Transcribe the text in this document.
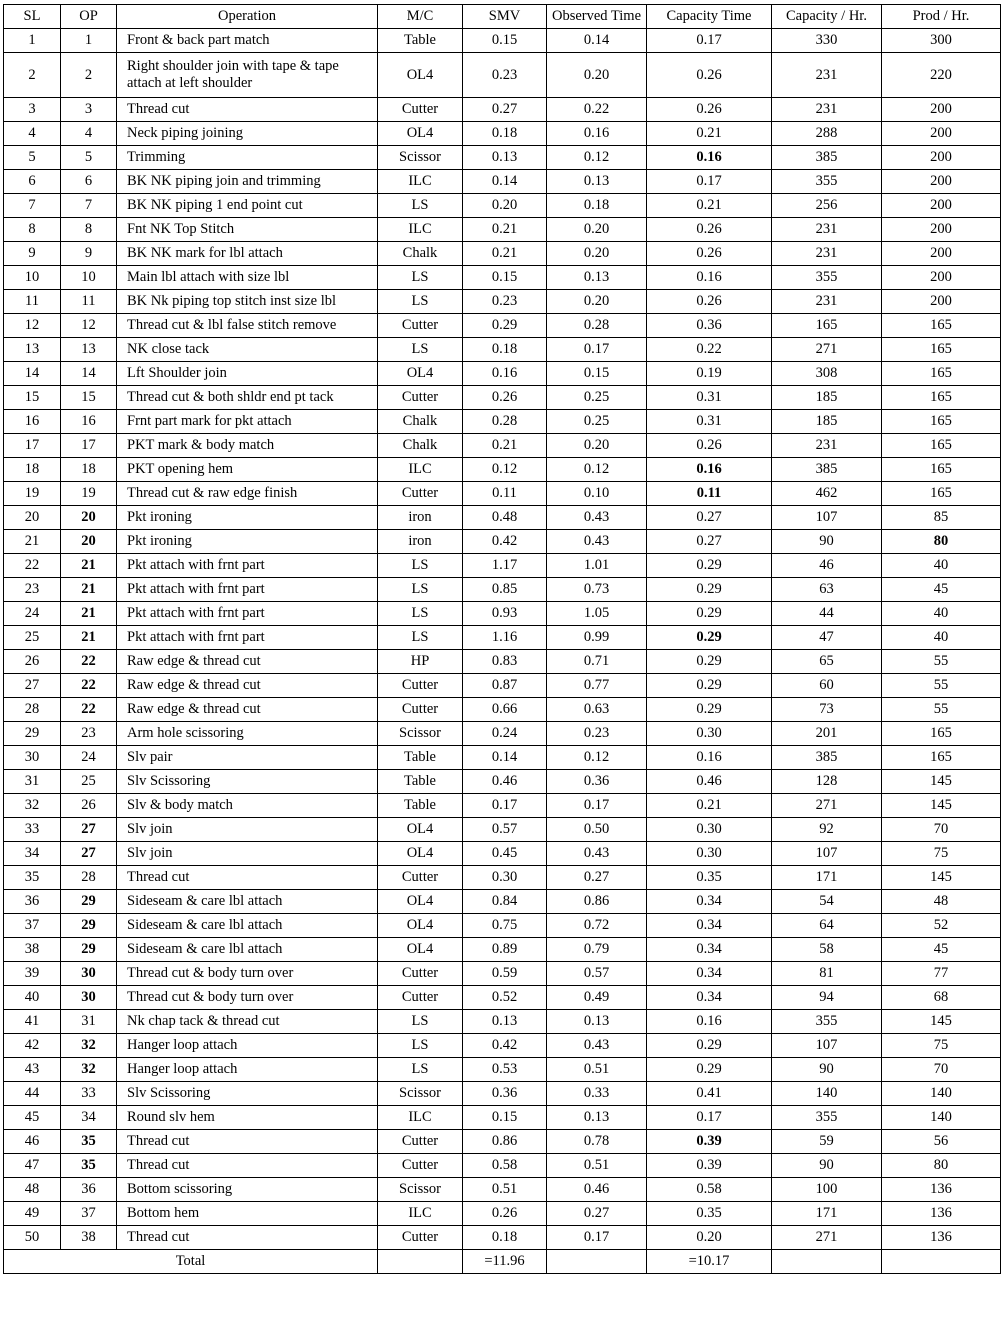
SL	OP	Operation	M/C	SMV	Observed Time	Capacity Time	Capacity / Hr.	Prod / Hr.
1	1	Front & back part match	Table	0.15	0.14	0.17	330	300
2	2	Right shoulder join with tape & tape attach at left shoulder	OL4	0.23	0.20	0.26	231	220
3	3	Thread cut	Cutter	0.27	0.22	0.26	231	200
4	4	Neck piping joining	OL4	0.18	0.16	0.21	288	200
5	5	Trimming	Scissor	0.13	0.12	0.16	385	200
6	6	BK NK piping join and trimming	ILC	0.14	0.13	0.17	355	200
7	7	BK NK piping 1 end point cut	LS	0.20	0.18	0.21	256	200
8	8	Fnt NK Top Stitch	ILC	0.21	0.20	0.26	231	200
9	9	BK NK mark for lbl attach	Chalk	0.21	0.20	0.26	231	200
10	10	Main lbl attach with size lbl	LS	0.15	0.13	0.16	355	200
11	11	BK Nk piping top stitch inst size lbl	LS	0.23	0.20	0.26	231	200
12	12	Thread cut & lbl false stitch remove	Cutter	0.29	0.28	0.36	165	165
13	13	NK close tack	LS	0.18	0.17	0.22	271	165
14	14	Lft Shoulder join	OL4	0.16	0.15	0.19	308	165
15	15	Thread cut & both shldr end pt tack	Cutter	0.26	0.25	0.31	185	165
16	16	Frnt part mark for pkt attach	Chalk	0.28	0.25	0.31	185	165
17	17	PKT mark & body match	Chalk	0.21	0.20	0.26	231	165
18	18	PKT opening hem	ILC	0.12	0.12	0.16	385	165
19	19	Thread cut & raw edge finish	Cutter	0.11	0.10	0.11	462	165
20	20	Pkt ironing	iron	0.48	0.43	0.27	107	85
21	20	Pkt ironing	iron	0.42	0.43	0.27	90	80
22	21	Pkt attach with frnt part	LS	1.17	1.01	0.29	46	40
23	21	Pkt attach with frnt part	LS	0.85	0.73	0.29	63	45
24	21	Pkt attach with frnt part	LS	0.93	1.05	0.29	44	40
25	21	Pkt attach with frnt part	LS	1.16	0.99	0.29	47	40
26	22	Raw edge & thread cut	HP	0.83	0.71	0.29	65	55
27	22	Raw edge & thread cut	Cutter	0.87	0.77	0.29	60	55
28	22	Raw edge & thread cut	Cutter	0.66	0.63	0.29	73	55
29	23	Arm hole scissoring	Scissor	0.24	0.23	0.30	201	165
30	24	Slv pair	Table	0.14	0.12	0.16	385	165
31	25	Slv Scissoring	Table	0.46	0.36	0.46	128	145
32	26	Slv & body match	Table	0.17	0.17	0.21	271	145
33	27	Slv join	OL4	0.57	0.50	0.30	92	70
34	27	Slv join	OL4	0.45	0.43	0.30	107	75
35	28	Thread cut	Cutter	0.30	0.27	0.35	171	145
36	29	Sideseam & care lbl attach	OL4	0.84	0.86	0.34	54	48
37	29	Sideseam & care lbl attach	OL4	0.75	0.72	0.34	64	52
38	29	Sideseam & care lbl attach	OL4	0.89	0.79	0.34	58	45
39	30	Thread cut & body turn over	Cutter	0.59	0.57	0.34	81	77
40	30	Thread cut & body turn over	Cutter	0.52	0.49	0.34	94	68
41	31	Nk chap tack & thread cut	LS	0.13	0.13	0.16	355	145
42	32	Hanger loop attach	LS	0.42	0.43	0.29	107	75
43	32	Hanger loop attach	LS	0.53	0.51	0.29	90	70
44	33	Slv Scissoring	Scissor	0.36	0.33	0.41	140	140
45	34	Round slv hem	ILC	0.15	0.13	0.17	355	140
46	35	Thread cut	Cutter	0.86	0.78	0.39	59	56
47	35	Thread cut	Cutter	0.58	0.51	0.39	90	80
48	36	Bottom scissoring	Scissor	0.51	0.46	0.58	100	136
49	37	Bottom hem	ILC	0.26	0.27	0.35	171	136
50	38	Thread cut	Cutter	0.18	0.17	0.20	271	136
Total				=11.96		=10.17		
